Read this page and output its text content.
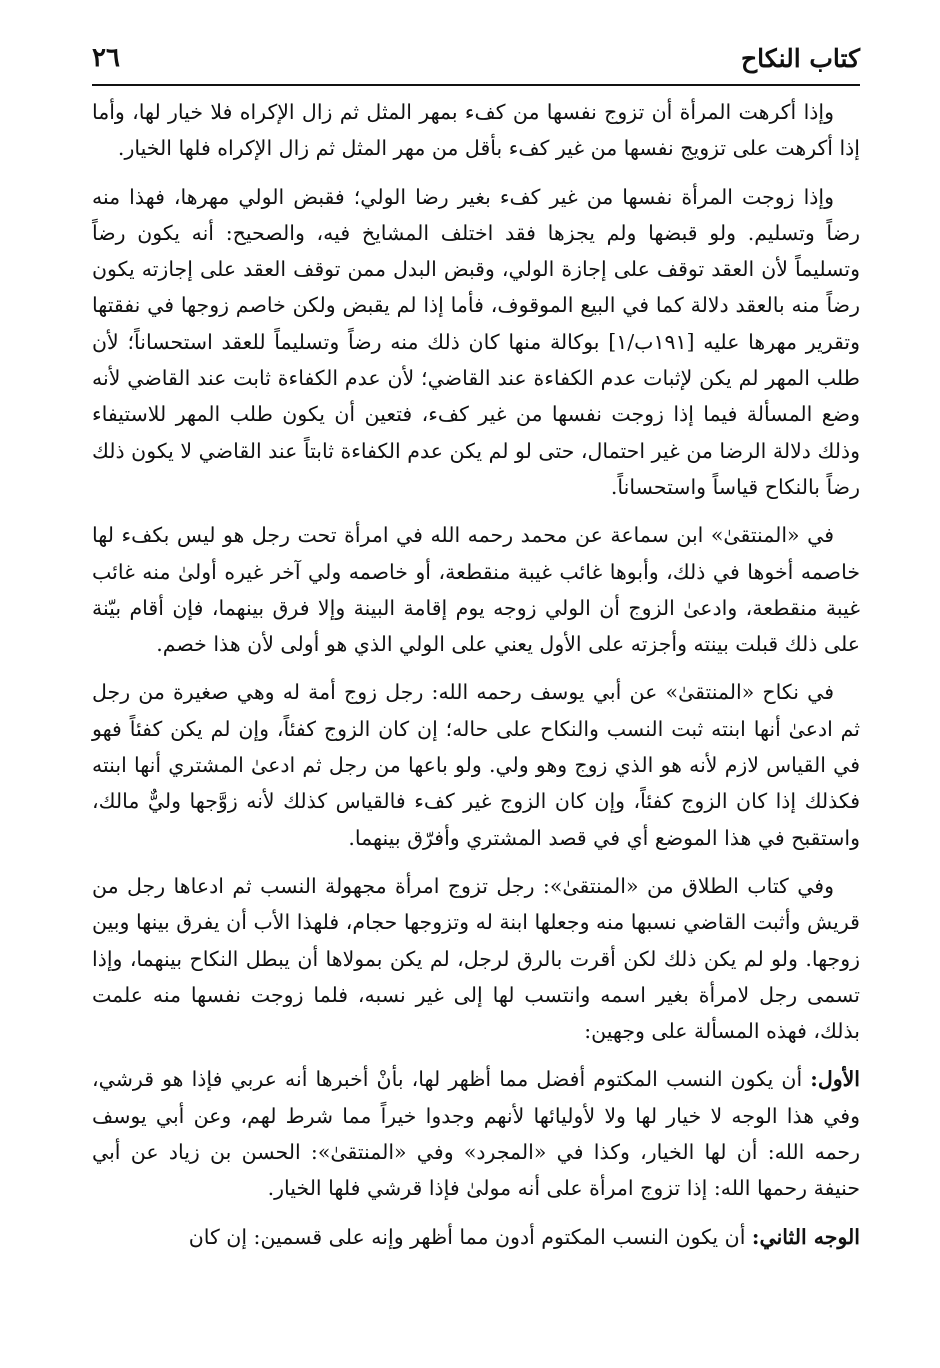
كتاب النكاح
٢٦

وإذا أكرهت المرأة أن تزوج نفسها من كفء بمهر المثل ثم زال الإكراه فلا خيار لها، وأما إذا أكرهت على تزويج نفسها من غير كفء بأقل من مهر المثل ثم زال الإكراه فلها الخيار.

وإذا زوجت المرأة نفسها من غير كفء بغير رضا الولي؛ فقبض الولي مهرها، فهذا منه رضاً وتسليم. ولو قبضها ولم يجزها فقد اختلف المشايخ فيه، والصحيح: أنه يكون رضاً وتسليماً لأن العقد توقف على إجازة الولي، وقبض البدل ممن توقف العقد على إجازته يكون رضاً منه بالعقد دلالة كما في البيع الموقوف، فأما إذا لم يقبض ولكن خاصم زوجها في نفقتها وتقرير مهرها عليه [١٩١ب/١] بوكالة منها كان ذلك منه رضاً وتسليماً للعقد استحساناً؛ لأن طلب المهر لم يكن لإثبات عدم الكفاءة عند القاضي؛ لأن عدم الكفاءة ثابت عند القاضي لأنه وضع المسألة فيما إذا زوجت نفسها من غير كفء، فتعين أن يكون طلب المهر للاستيفاء وذلك دلالة الرضا من غير احتمال، حتى لو لم يكن عدم الكفاءة ثابتاً عند القاضي لا يكون ذلك رضاً بالنكاح قياساً واستحساناً.

في «المنتقىٰ» ابن سماعة عن محمد رحمه الله في امرأة تحت رجل هو ليس بكفء لها خاصمه أخوها في ذلك، وأبوها غائب غيبة منقطعة، أو خاصمه ولي آخر غيره أولىٰ منه غائب غيبة منقطعة، وادعىٰ الزوج أن الولي زوجه يوم إقامة البينة وإلا فرق بينهما، فإن أقام بيّنة على ذلك قبلت بينته وأجزته على الأول يعني على الولي الذي هو أولى لأن هذا خصم.

في نكاح «المنتقىٰ» عن أبي يوسف رحمه الله: رجل زوج أمة له وهي صغيرة من رجل ثم ادعىٰ أنها ابنته ثبت النسب والنكاح على حاله؛ إن كان الزوج كفئاً، وإن لم يكن كفئاً فهو في القياس لازم لأنه هو الذي زوج وهو ولي. ولو باعها من رجل ثم ادعىٰ المشتري أنها ابنته فكذلك إذا كان الزوج كفئاً، وإن كان الزوج غير كفء فالقياس كذلك لأنه زوَّجها وليٌّ مالك، واستقبح في هذا الموضع أي في قصد المشتري وأفرّق بينهما.

وفي كتاب الطلاق من «المنتقىٰ»: رجل تزوج امرأة مجهولة النسب ثم ادعاها رجل من قريش وأثبت القاضي نسبها منه وجعلها ابنة له وتزوجها حجام، فلهذا الأب أن يفرق بينها وبين زوجها. ولو لم يكن ذلك لكن أقرت بالرق لرجل، لم يكن بمولاها أن يبطل النكاح بينهما، وإذا تسمى رجل لامرأة بغير اسمه وانتسب لها إلى غير نسبه، فلما زوجت نفسها منه علمت بذلك، فهذه المسألة على وجهين:

الأول: أن يكون النسب المكتوم أفضل مما أظهر لها، بأنْ أخبرها أنه عربي فإذا هو قرشي، وفي هذا الوجه لا خيار لها ولا لأوليائها لأنهم وجدوا خيراً مما شرط لهم، وعن أبي يوسف رحمه الله: أن لها الخيار، وكذا في «المجرد» وفي «المنتقىٰ»: الحسن بن زياد عن أبي حنيفة رحمها الله: إذا تزوج امرأة على أنه مولىٰ فإذا قرشي فلها الخيار.

الوجه الثاني: أن يكون النسب المكتوم أدون مما أظهر وإنه على قسمين: إن كان
